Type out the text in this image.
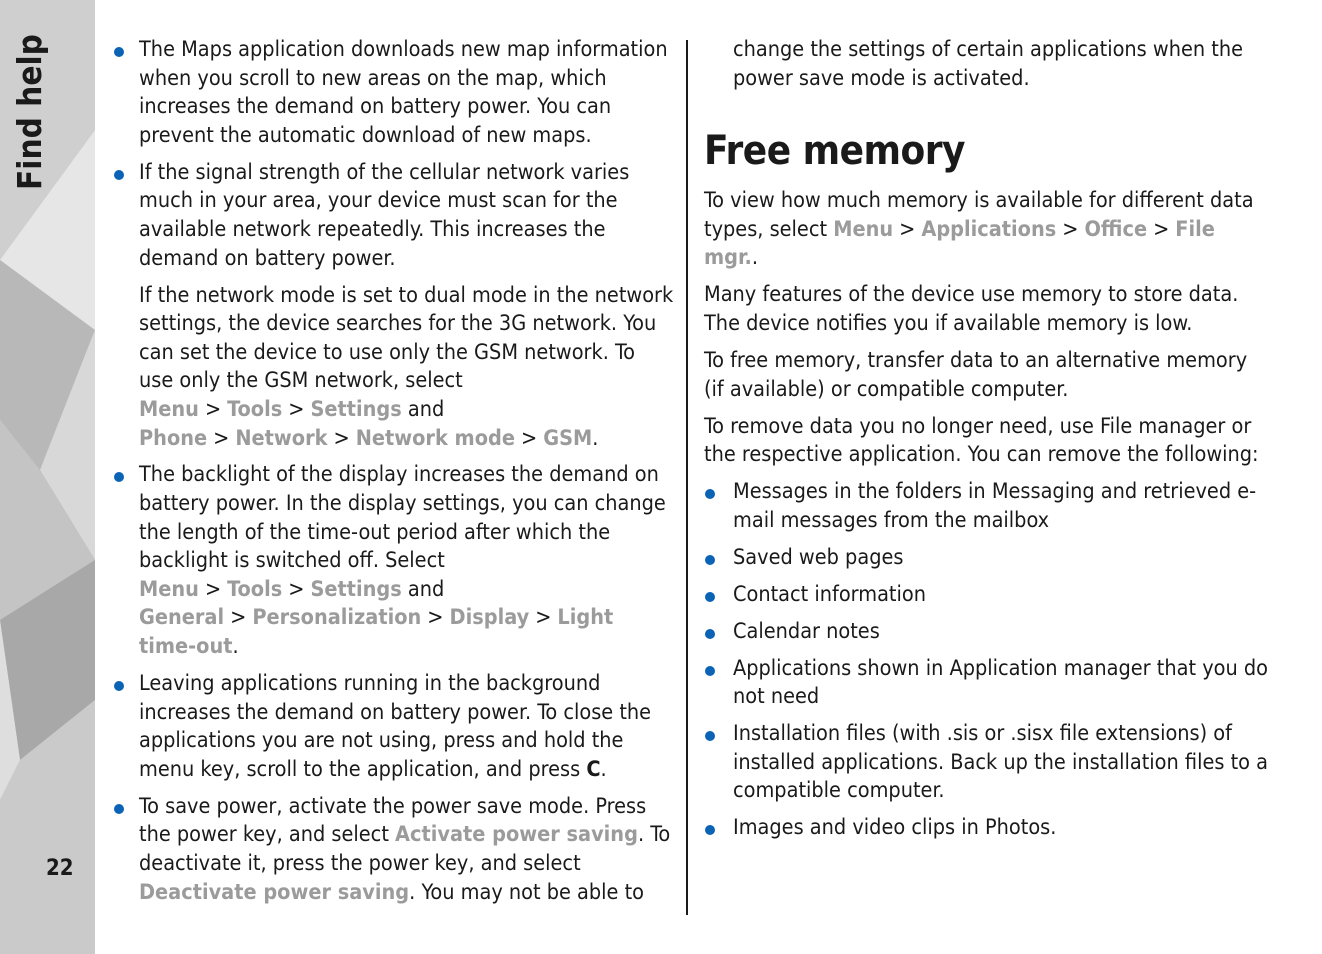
Find help
22
The Maps application downloads new map information when you scroll to new areas on the map, which increases the demand on battery power. You can prevent the automatic download of new maps.
If the signal strength of the cellular network varies much in your area, your device must scan for the available network repeatedly. This increases the demand on battery power.

If the network mode is set to dual mode in the network settings, the device searches for the 3G network. You can set the device to use only the GSM network. To use only the GSM network, select Menu > Tools > Settings and Phone > Network > Network mode > GSM.

The backlight of the display increases the demand on battery power. In the display settings, you can change the length of the time-out period after which the backlight is switched off. Select Menu > Tools > Settings and General > Personalization > Display > Light time-out.
Leaving applications running in the background increases the demand on battery power. To close the applications you are not using, press and hold the menu key, scroll to the application, and press C.
To save power, activate the power save mode. Press the power key, and select Activate power saving. To deactivate it, press the power key, and select Deactivate power saving. You may not be able to

change the settings of certain applications when the power save mode is activated.

Free memory

To view how much memory is available for different data types, select Menu > Applications > Office > File mgr..

Many features of the device use memory to store data. The device notifies you if available memory is low.

To free memory, transfer data to an alternative memory (if available) or compatible computer.

To remove data you no longer need, use File manager or the respective application. You can remove the following:

Messages in the folders in Messaging and retrieved e-mail messages from the mailbox
Saved web pages
Contact information
Calendar notes
Applications shown in Application manager that you do not need
Installation files (with .sis or .sisx file extensions) of installed applications. Back up the installation files to a compatible computer.
Images and video clips in Photos.
